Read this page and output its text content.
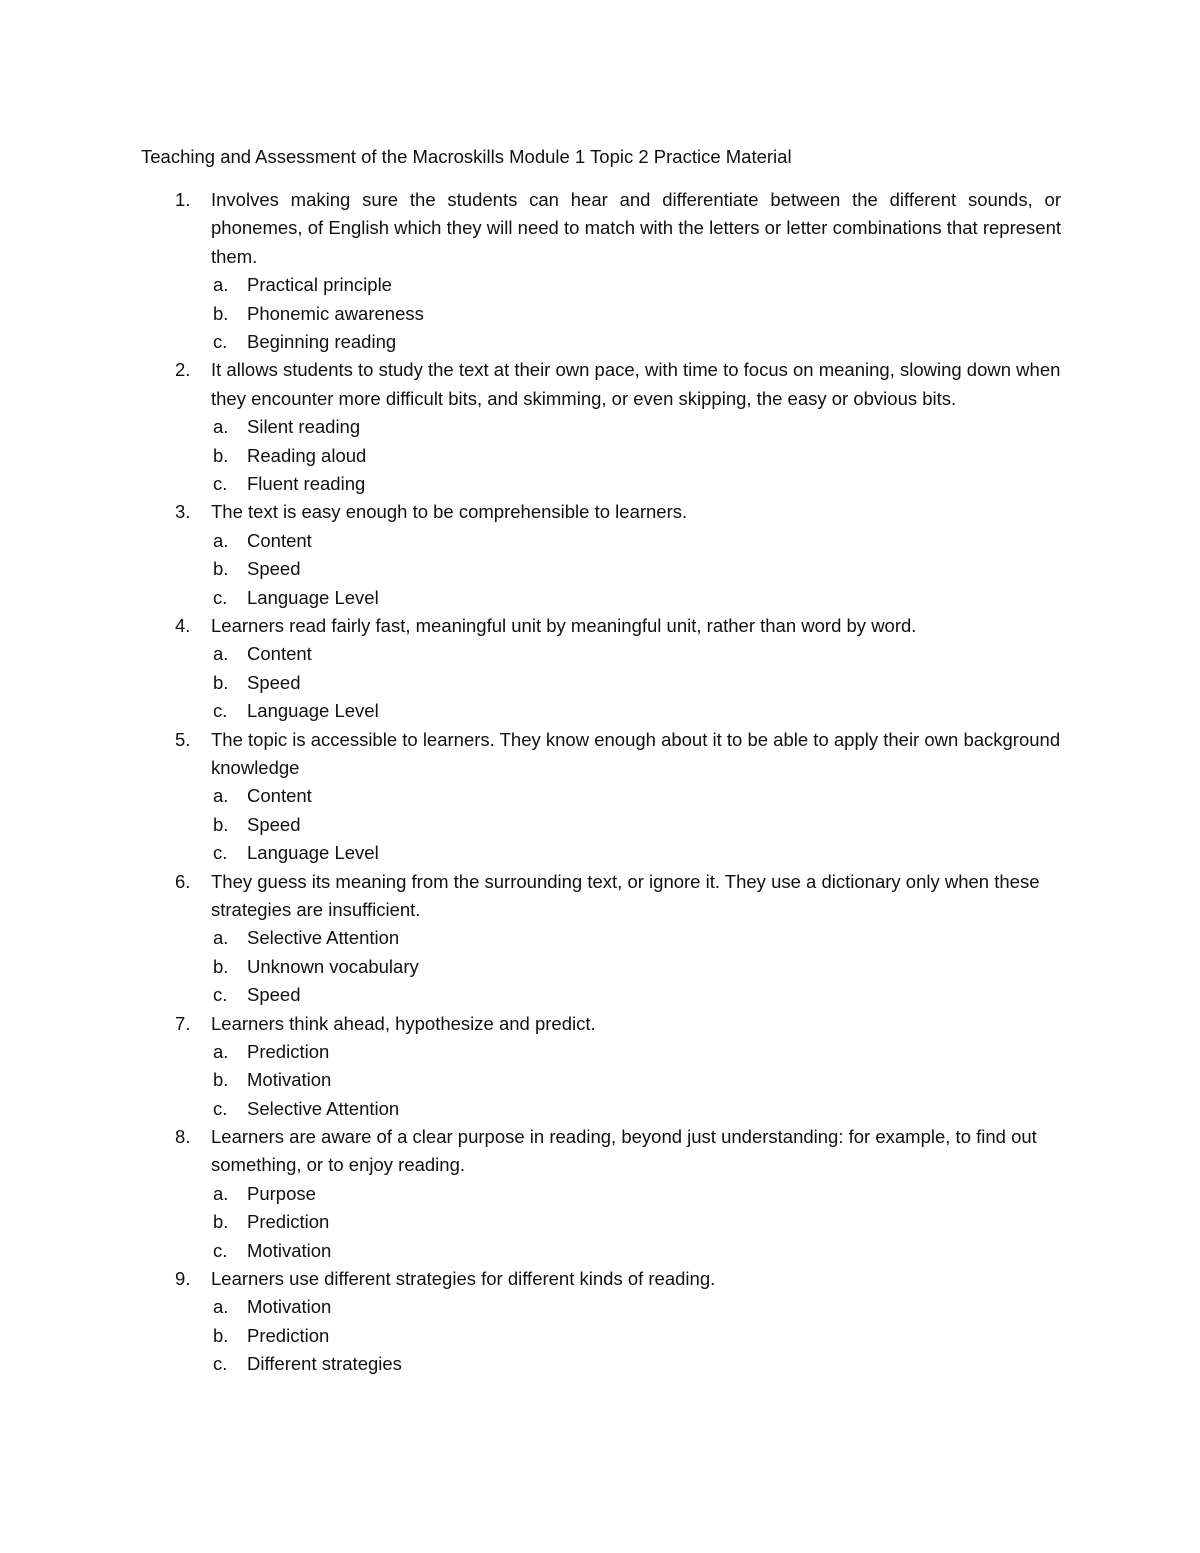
Teaching and Assessment of the Macroskills Module 1 Topic 2 Practice Material
1. Involves making sure the students can hear and differentiate between the different sounds, or phonemes, of English which they will need to match with the letters or letter combinations that represent them.
a. Practical principle
b. Phonemic awareness
c. Beginning reading
2. It allows students to study the text at their own pace, with time to focus on meaning, slowing down when they encounter more difficult bits, and skimming, or even skipping, the easy or obvious bits.
a. Silent reading
b. Reading aloud
c. Fluent reading
3. The text is easy enough to be comprehensible to learners.
a. Content
b. Speed
c. Language Level
4. Learners read fairly fast, meaningful unit by meaningful unit, rather than word by word.
a. Content
b. Speed
c. Language Level
5. The topic is accessible to learners. They know enough about it to be able to apply their own background knowledge
a. Content
b. Speed
c. Language Level
6. They guess its meaning from the surrounding text, or ignore it. They use a dictionary only when these strategies are insufficient.
a. Selective Attention
b. Unknown vocabulary
c. Speed
7. Learners think ahead, hypothesize and predict.
a. Prediction
b. Motivation
c. Selective Attention
8. Learners are aware of a clear purpose in reading, beyond just understanding: for example, to find out something, or to enjoy reading.
a. Purpose
b. Prediction
c. Motivation
9. Learners use different strategies for different kinds of reading.
a. Motivation
b. Prediction
c. Different strategies
